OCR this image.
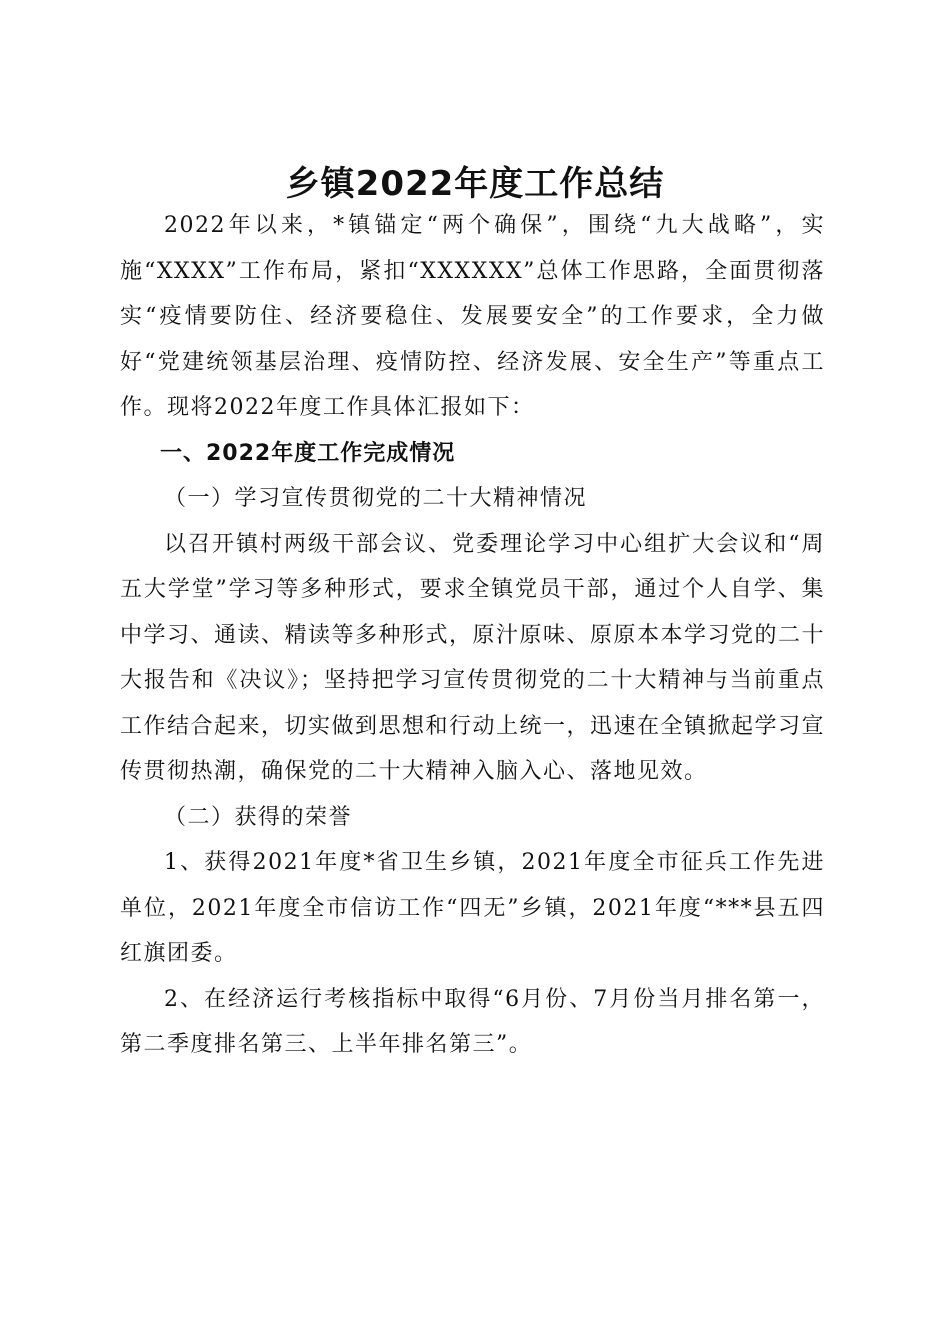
乡镇2022年度工作总结

2022年以来，*镇锚定“两个确保”，围绕“九大战略”，实施“XXXX”工作布局，紧扣“XXXXXX”总体工作思路，全面贯彻落实“疫情要防住、经济要稳住、发展要安全”的工作要求，全力做好“党建统领基层治理、疫情防控、经济发展、安全生产”等重点工作。现将2022年度工作具体汇报如下：

一、2022年度工作完成情况

（一）学习宣传贯彻党的二十大精神情况

以召开镇村两级干部会议、党委理论学习中心组扩大会议和“周五大学堂”学习等多种形式，要求全镇党员干部，通过个人自学、集中学习、通读、精读等多种形式，原汁原味、原原本本学习党的二十大报告和《决议》；坚持把学习宣传贯彻党的二十大精神与当前重点工作结合起来，切实做到思想和行动上统一，迅速在全镇掀起学习宣传贯彻热潮，确保党的二十大精神入脑入心、落地见效。

（二）获得的荣誉

1、获得2021年度*省卫生乡镇，2021年度全市征兵工作先进单位，2021年度全市信访工作“四无”乡镇，2021年度“***县五四红旗团委。

2、在经济运行考核指标中取得“6月份、7月份当月排名第一，第二季度排名第三、上半年排名第三”。
